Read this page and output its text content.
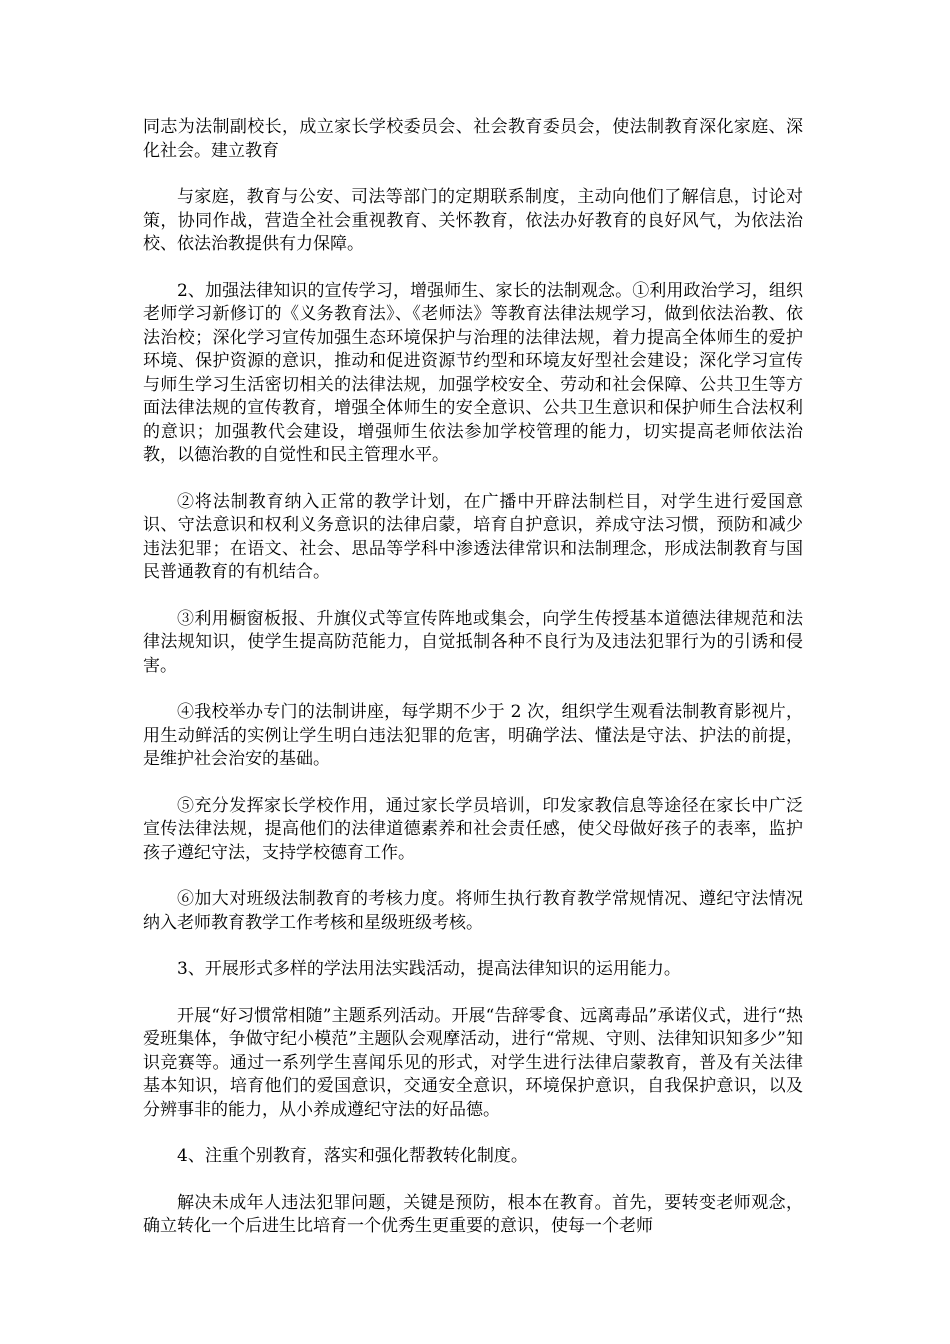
同志为法制副校长，成立家长学校委员会、社会教育委员会，使法制教育深化家庭、深化社会。建立教育

与家庭，教育与公安、司法等部门的定期联系制度，主动向他们了解信息，讨论对策，协同作战，营造全社会重视教育、关怀教育，依法办好教育的良好风气，为依法治校、依法治教提供有力保障。

2、加强法律知识的宣传学习，增强师生、家长的法制观念。①利用政治学习，组织老师学习新修订的《义务教育法》、《老师法》等教育法律法规学习，做到依法治教、依法治校；深化学习宣传加强生态环境保护与治理的法律法规，着力提高全体师生的爱护环境、保护资源的意识，推动和促进资源节约型和环境友好型社会建设；深化学习宣传与师生学习生活密切相关的法律法规，加强学校安全、劳动和社会保障、公共卫生等方面法律法规的宣传教育，增强全体师生的安全意识、公共卫生意识和保护师生合法权利的意识；加强教代会建设，增强师生依法参加学校管理的能力，切实提高老师依法治教，以德治教的自觉性和民主管理水平。

②将法制教育纳入正常的教学计划，在广播中开辟法制栏目，对学生进行爱国意识、守法意识和权利义务意识的法律启蒙，培育自护意识，养成守法习惯，预防和减少违法犯罪；在语文、社会、思品等学科中渗透法律常识和法制理念，形成法制教育与国民普通教育的有机结合。

③利用橱窗板报、升旗仪式等宣传阵地或集会，向学生传授基本道德法律规范和法律法规知识，使学生提高防范能力，自觉抵制各种不良行为及违法犯罪行为的引诱和侵害。

④我校举办专门的法制讲座，每学期不少于 2 次，组织学生观看法制教育影视片，用生动鲜活的实例让学生明白违法犯罪的危害，明确学法、懂法是守法、护法的前提，是维护社会治安的基础。

⑤充分发挥家长学校作用，通过家长学员培训，印发家教信息等途径在家长中广泛宣传法律法规，提高他们的法律道德素养和社会责任感，使父母做好孩子的表率，监护孩子遵纪守法，支持学校德育工作。

⑥加大对班级法制教育的考核力度。将师生执行教育教学常规情况、遵纪守法情况纳入老师教育教学工作考核和星级班级考核。

3、开展形式多样的学法用法实践活动，提高法律知识的运用能力。

开展“好习惯常相随”主题系列活动。开展“告辞零食、远离毒品”承诺仪式，进行“热爱班集体，争做守纪小模范”主题队会观摩活动，进行“常规、守则、法律知识知多少”知识竞赛等。通过一系列学生喜闻乐见的形式，对学生进行法律启蒙教育，普及有关法律基本知识，培育他们的爱国意识，交通安全意识，环境保护意识，自我保护意识，以及分辨事非的能力，从小养成遵纪守法的好品德。

4、注重个别教育，落实和强化帮教转化制度。

解决未成年人违法犯罪问题，关键是预防，根本在教育。首先，要转变老师观念，确立转化一个后进生比培育一个优秀生更重要的意识，使每一个老师
